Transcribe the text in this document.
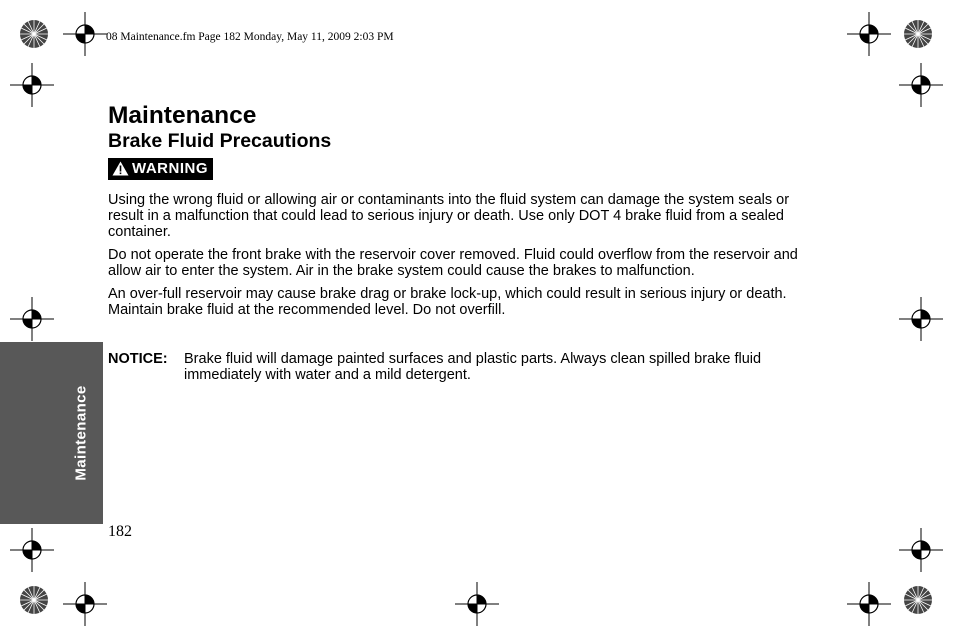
08 Maintenance.fm Page 182 Monday, May 11, 2009 2:03 PM
Maintenance
Maintenance
Brake Fluid Precautions
WARNING

Using the wrong fluid or allowing air or contaminants into the fluid system can damage the system seals or result in a malfunction that could lead to serious injury or death. Use only DOT 4 brake fluid from a sealed container.

Do not operate the front brake with the reservoir cover removed. Fluid could overflow from the reservoir and allow air to enter the system. Air in the brake system could cause the brakes to malfunction.

An over-full reservoir may cause brake drag or brake lock-up, which could result in serious injury or death. Maintain brake fluid at the recommended level. Do not overfill.

NOTICE:	Brake fluid will damage painted surfaces and plastic parts. Always clean spilled brake fluid immediately with water and a mild detergent.
182
